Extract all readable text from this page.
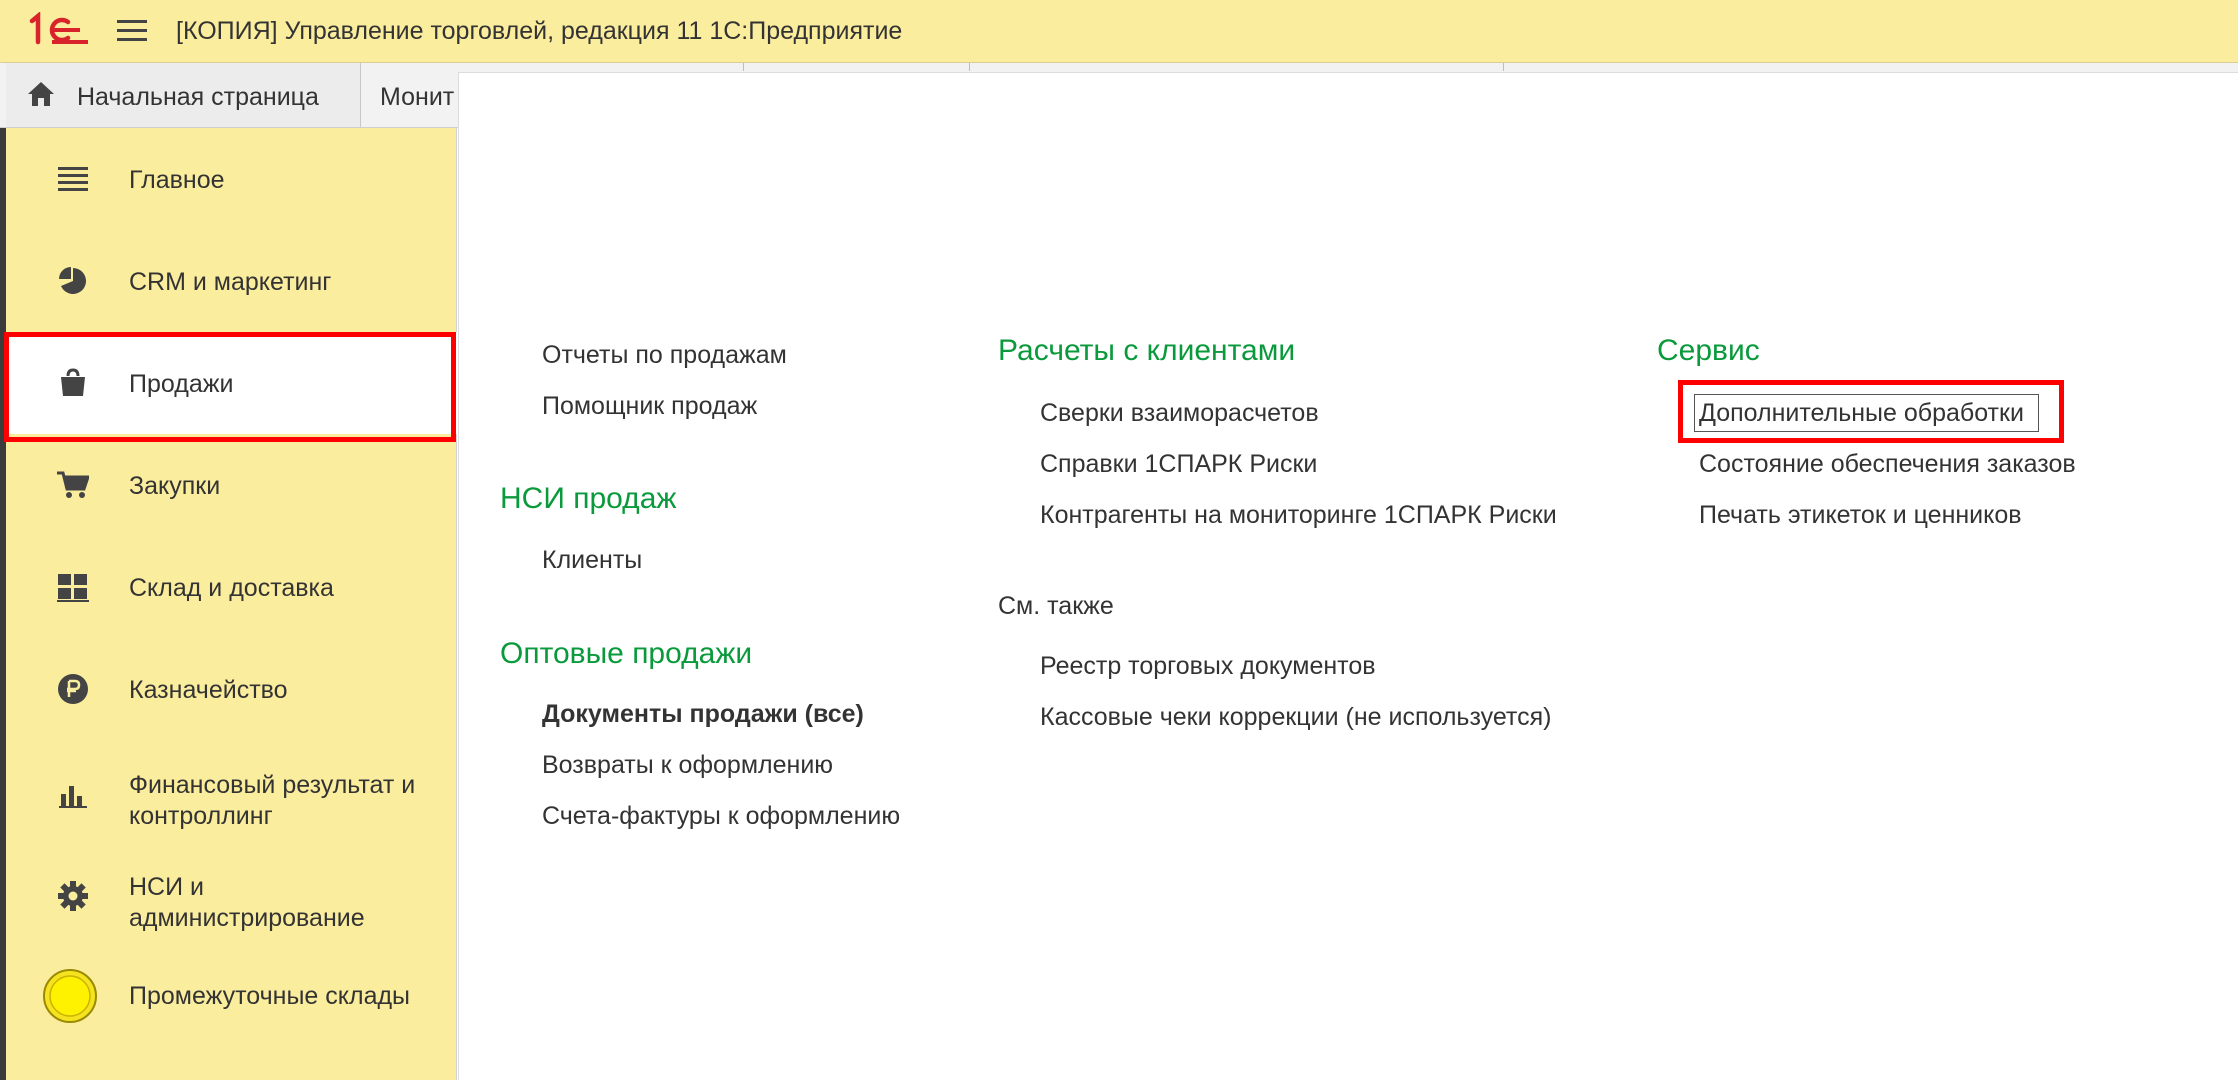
[КОПИЯ] Управление торговлей, редакция 11 1С:Предприятие
Начальная страница Монит
Главное
CRM и маркетинг
Продажи
Закупки
Склад и доставка
Казначейство
Финансовый результат и контроллинг
НСИ и администрирование
Промежуточные склады
Отчеты по продажам
Помощник продаж
НСИ продаж
Клиенты
Оптовые продажи
Документы продажи (все)
Возвраты к оформлению
Счета-фактуры к оформлению
Расчеты с клиентами
Сверки взаиморасчетов
Справки 1СПАРК Риски
Контрагенты на мониторинге 1СПАРК Риски
См. также
Реестр торговых документов
Кассовые чеки коррекции (не используется)
Сервис
Дополнительные обработки
Состояние обеспечения заказов
Печать этикеток и ценников
